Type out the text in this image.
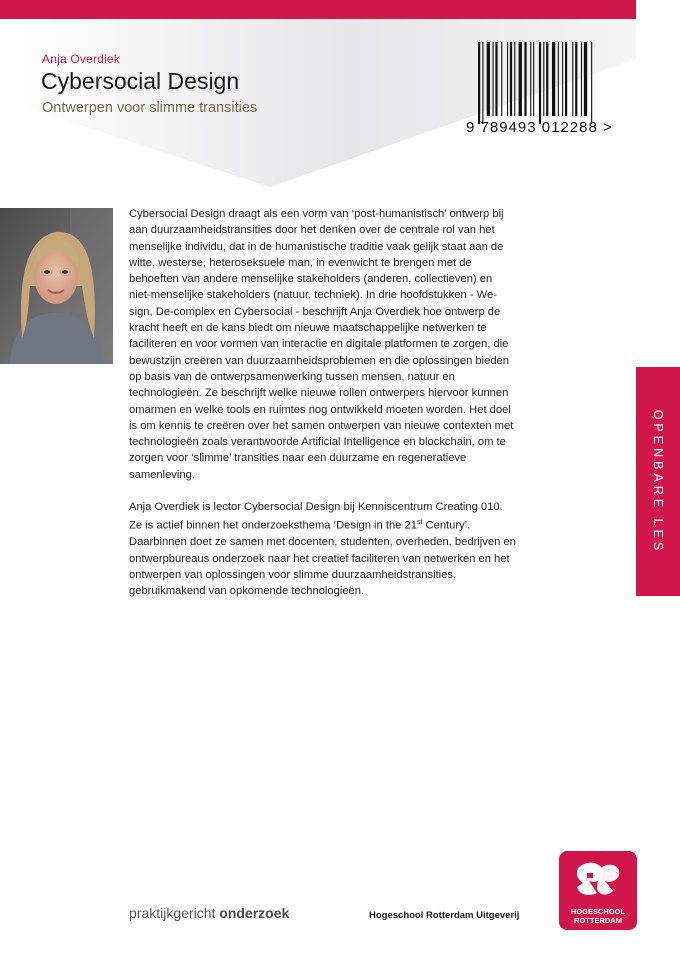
Anja Overdiek
Cybersocial Design
Ontwerpen voor slimme transities
9 789493 012288 >

Cybersocial Design draagt als een vorm van ‘post-humanistisch’ ontwerp bij aan duurzaamheidstransities door het denken over de centrale rol van het menselijke individu, dat in de humanistische traditie vaak gelijk staat aan de witte, westerse, heteroseksuele man, in evenwicht te brengen met de behoeften van andere menselijke stakeholders (anderen, collectieven) en niet-menselijke stakeholders (natuur, techniek). In drie hoofdstukken - We-sign, De-complex en Cybersocial - beschrijft Anja Overdiek hoe ontwerp de kracht heeft en de kans biedt om nieuwe maatschappelijke netwerken te faciliteren en voor vormen van interactie en digitale platformen te zorgen, die bewustzijn creëren van duurzaamheidsproblemen en die oplossingen bieden op basis van de ontwerpsamenwerking tussen mensen, natuur en technologieën. Ze beschrijft welke nieuwe rollen ontwerpers hiervoor kunnen omarmen en welke tools en ruimtes nog ontwikkeld moeten worden. Het doel is om kennis te creëren over het samen ontwerpen van nieuwe contexten met technologieën zoals verantwoorde Artificial Intelligence en blockchain, om te zorgen voor ‘slimme’ transities naar een duurzame en regeneratieve samenleving.

Anja Overdiek is lector Cybersocial Design bij Kenniscentrum Creating 010. Ze is actief binnen het onderzoeksthema ‘Design in the 21st Century’. Daarbinnen doet ze samen met docenten, studenten, overheden, bedrijven en ontwerpbureaus onderzoek naar het creatief faciliteren van netwerken en het ontwerpen van oplossingen voor slimme duurzaamheidstransities, gebruikmakend van opkomende technologieën.

OPENBARE LES
praktijkgericht onderzoek	Hogeschool Rotterdam Uitgeverij	HOGESCHOOL
ROTTERDAM
